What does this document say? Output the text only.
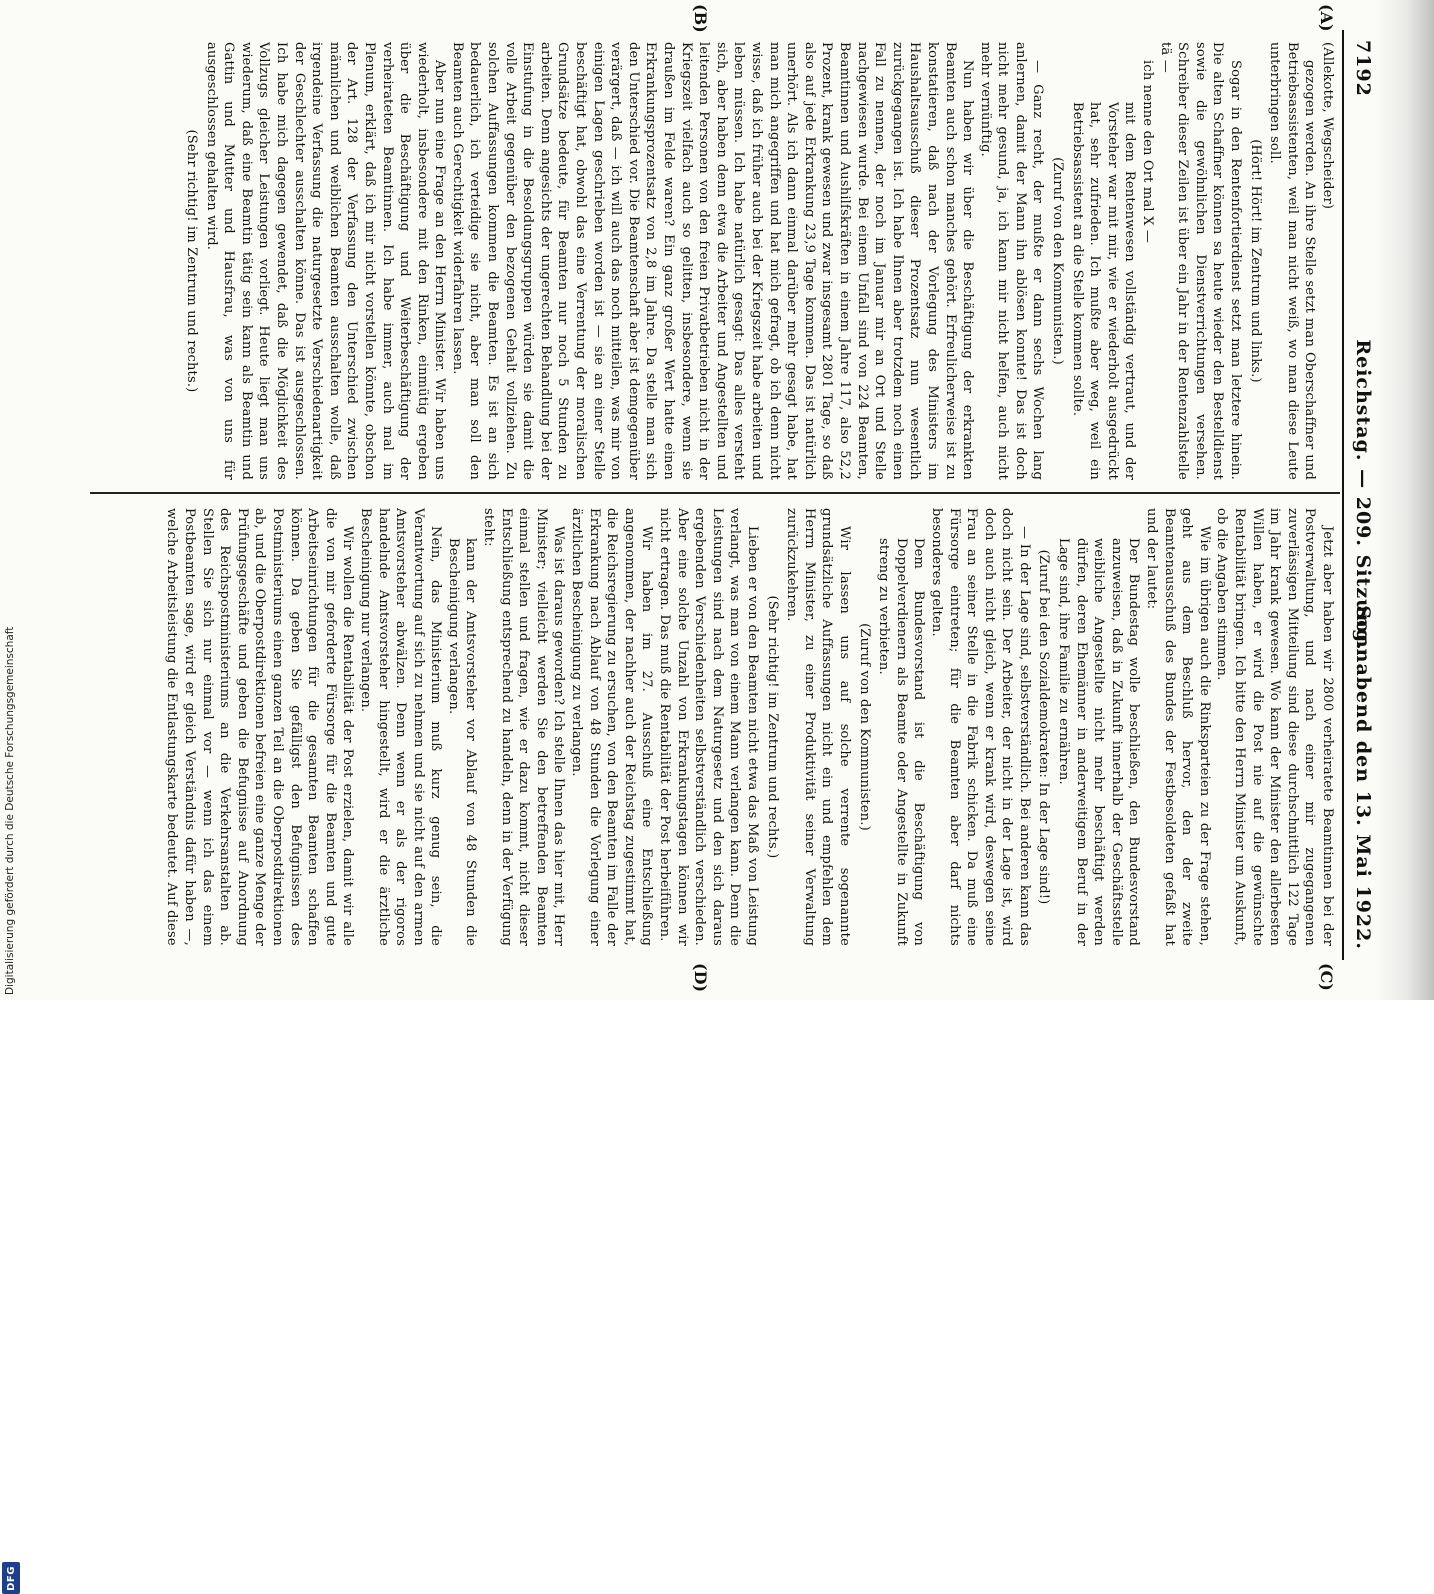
Digitalisierung gefördert durch die Deutsche Forschungsgemeinschaft
DFG
7192
Reichstag. — 209. Sitzung.
Sonnabend den 13. Mai 1922.
(A)
(B)
(C)
(D)

(Allekotte, Wegscheider)

gezogen werden. An ihre Stelle setzt man Oberschaffner und Betriebsassistenten, weil man nicht weiß, wo man diese Leute unterbringen soll.

(Hört! Hört! im Zentrum und links.)

Sogar in den Rentenfortierdienst setzt man letztere hinein. Die alten Schaffner können sa heute wieder den Bestelldienst sowie die gewöhnlichen Dienstverrichtungen versehen. Schreiber dieser Zeilen ist über ein Jahr in der Rentenzahlstelle tä —

ich nenne den Ort mal X —

mit dem Rentenwesen vollständig vertraut, und der Vorsteher war mit mir, wie er wiederholt ausgedrückt hat, sehr zufrieden. Ich mußte aber weg, weil ein Betriebsassistent an die Stelle kommen sollte.

(Zuruf von den Kommunisten.)

— Ganz recht, der mußte er dann sechs Wochen lang anlernen, damit der Mann ihn ablösen konnte! Das ist doch nicht mehr gesund, ja, ich kann mir nicht helfen, auch nicht mehr vernünftig.

Nun haben wir über die Beschäftigung der erkrankten Beamten auch schon manches gehört. Erfreulicherweise ist zu konstatieren, daß nach der Vorlegung des Ministers im Haushaltsausschuß dieser Prozentsatz nun wesentlich zurückgegangen ist. Ich habe Ihnen aber trotzdem noch einen Fall zu nennen, der noch im Januar mir an Ort und Stelle nachgewiesen wurde. Bei einem Unfall sind von 224 Beamten, Beamtinnen und Aushilfskräften in einem Jahre 117, also 52,2 Prozent, krank gewesen und zwar insgesamt 2801 Tage, so daß also auf jede Erkrankung 23,9 Tage kommen. Das ist natürlich unerhört. Als ich dann einmal darüber mehr gesagt habe, hat man mich angegriffen und hat mich gefragt, ob ich denn nicht wisse, daß ich früher auch bei der Kriegszeit habe arbeiten und leben müssen. Ich habe natürlich gesagt: Das alles versteht sich, aber haben denn etwa die Arbeiter und Angestellten und leitenden Personen von den freien Privatbetrieben nicht in der Kriegszeit vielfach auch so gelitten, insbesondere, wenn sie draußen im Felde waren? Ein ganz großer Wert hatte einen Erkrankungsprozentsatz von 2,8 im Jahre. Da stelle man sich den Unterschied vor. Die Beamtenschaft aber ist demgegenüber verärgert, daß — ich will auch das noch mitteilen, was mir von einigen Lagen geschrieben worden ist — sie an einer Stelle beschäftigt hat, obwohl das eine Verrentung der moralischen Grundsätze bedeute, für Beamten nur noch 5 Stunden zu arbeiten. Denn angesichts der ungerechten Behandlung bei der Einstufung in die Besoldungsgruppen würden sie damit die volle Arbeit gegenüber den bezogenen Gehalt vollziehen. Zu solchen Auffassungen kommen die Beamten. Es ist an sich bedauerlich, ich verteidige sie nicht, aber man soll den Beamten auch Gerechtigkeit widerfahren lassen.

Aber nun eine Frage an den Herrn Minister. Wir haben uns wiederholt, insbesondere mit den Rinken, einmütig ergeben über die Beschäftigung und Weiterbeschäftigung der verheirateten Beamtinnen. Ich habe immer, auch mal im Plenum, erklärt, daß ich mir nicht vorstellen könnte, obschon der Art. 128 der Verfassung den Unterschied zwischen männlichen und weiblichen Beamten ausschalten wolle, daß irgendeine Verfassung die naturgesetzte Verschiedenartigkeit der Geschlechter ausschalten könne. Das ist ausgeschlossen. Ich habe mich dagegen gewendet, daß die Möglichkeit des Vollzugs gleicher Leistungen vorliegt. Heute liegt man uns wiederum, daß eine Beamtin tätig sein kann als Beamtin und Gattin und Mutter und Hausfrau, was von uns für ausgeschlossen gehalten wird.

(Sehr richtig! im Zentrum und rechts.)

Jetzt aber haben wir 2800 verheiratete Beamtinnen bei der Postverwaltung, und nach einer mir zugegangenen zuverlässigen Mitteilung sind diese durchschnittlich 122 Tage im Jahr krank gewesen. Wo kann der Minister den allerbesten Willen haben, er wird die Post nie auf die gewünschte Rentabilität bringen. Ich bitte den Herrn Minister um Auskunft, ob die Angaben stimmen.

Wie im übrigen auch die Rinksparteien zu der Frage stehen, geht aus dem Beschluß hervor, den der zweite Beamtenausschuß des Bundes der Festbesoldeten gefaßt hat und der lautet:

Der Bundestag wolle beschließen, den Bundesvorstand anzuweisen, daß in Zukunft innerhalb der Geschäftsstelle weibliche Angestellte nicht mehr beschäftigt werden dürfen, deren Ehemänner in anderweitigem Beruf in der Lage sind, ihre Familie zu ernähren.

(Zuruf bei den Sozialdemokraten: In der Lage sind!)

— In der Lage sind, selbstverständlich. Bei anderen kann das doch nicht sein. Der Arbeiter, der nicht in der Lage ist, wird doch auch nicht gleich, wenn er krank wird, deswegen seine Frau an seiner Stelle in die Fabrik schicken. Da muß eine Fürsorge eintreten; für die Beamten aber darf nichts besonderes gelten.

Dem Bundesvorstand ist die Beschäftigung von Doppelverdienern als Beamte oder Angestellte in Zukunft streng zu verbieten.

(Zuruf von den Kommunisten.)

Wir lassen uns auf solche verrente sogenannte grundsätzliche Auffassungen nicht ein und empfehlen dem Herrn Minister, zu einer Produktivität seiner Verwaltung zurückzukehren.

(Sehr richtig! im Zentrum und rechts.)

Lieben er von den Beamten nicht etwa das Maß von Leistung verlangt, was man von einem Mann verlangen kann. Denn die Leistungen sind nach dem Naturgesetz und den sich daraus ergebenden Verschiedenheiten selbstverständlich verschieden. Aber eine solche Unzahl von Erkrankungstagen können wir nicht ertragen. Das muß die Rentabilität der Post herbeiführen.

Wir haben im 27. Ausschuß eine Entschließung angenommen, der nachher auch der Reichstag zugestimmt hat, die Reichsregierung zu ersuchen, von den Beamten im Falle der Erkrankung nach Ablauf von 48 Stunden die Vorlegung einer ärztlichen Bescheinigung zu verlangen.

Was ist daraus geworden? Ich stelle Ihnen das hier mit, Herr Minister; vielleicht werden Sie den betreffenden Beamten einmal stellen und fragen, wie er dazu kommt, nicht dieser Entschließung entsprechend zu handeln, denn in der Verfügung steht:

kann der Amtsvorsteher vor Ablauf von 48 Stunden die Bescheinigung verlangen.

Nein, das Ministerium muß kurz genug sein, die Verantwortung auf sich zu nehmen und sie nicht auf den armen Amtsvorsteher abwälzen. Denn wenn er als der rigoros handelnde Amtsvorsteher hingestellt, wird er die ärztliche Bescheinigung nur verlangen.

Wir wollen die Rentabilität der Post erzielen, damit wir alle die von mir geforderte Fürsorge für die Beamten und gute Arbeitseinrichtungen für die gesamten Beamten schaffen können. Da geben Sie gefälligst den Befugnissen des Postministeriums einen ganzen Teil an die Oberpostdirektionen ab, und die Oberpostdirektionen befreien eine ganze Menge der Prüfungsgeschäfte und geben die Befugnisse auf Anordnung des Reichspostministeriums an die Verkehrsanstalten ab. Stellen Sie sich nur einmal vor — wenn ich das einem Postbeamten sage, wird er gleich Verständnis dafür haben —, welche Arbeitsleistung die Entlastungskarte bedeutet. Auf diese
